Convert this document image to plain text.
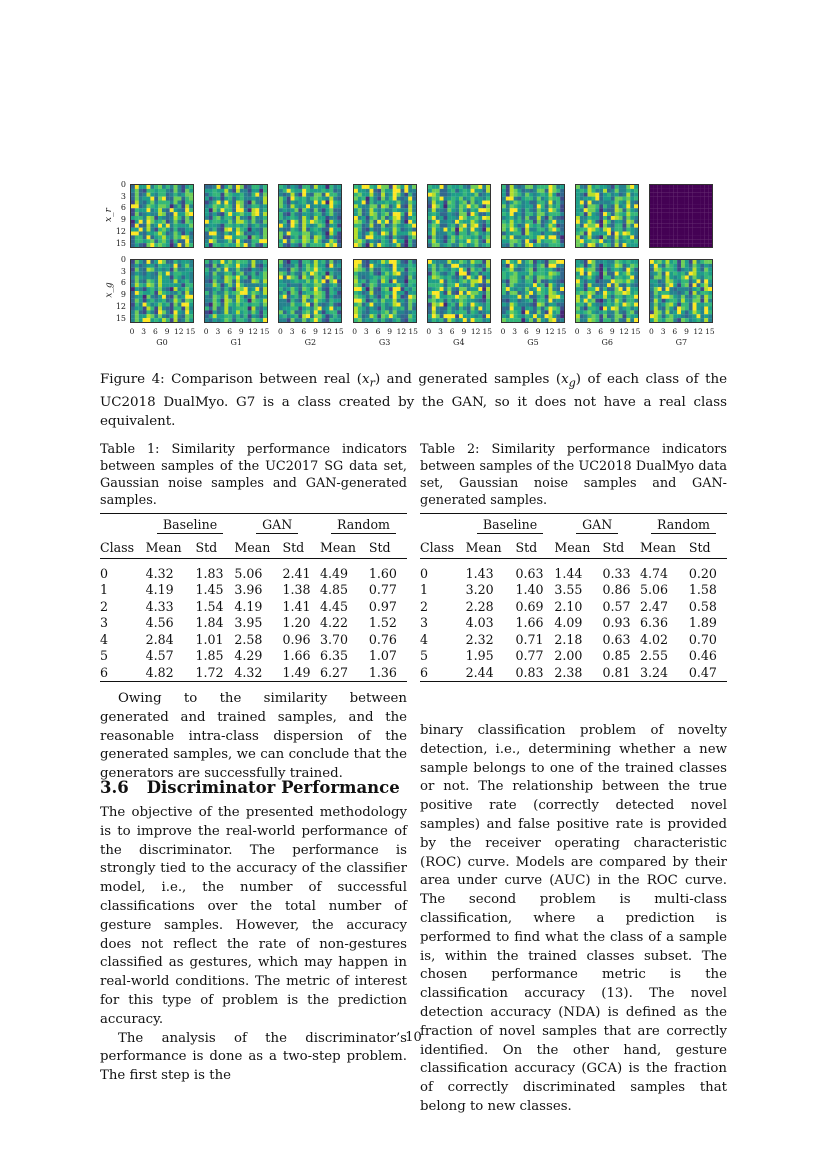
x_r
0
3
6
9
12
15
x_g
0
3
6
9
12
15
0 3 6 9 12 15
G0
0 3 6 9 12 15
G1
0 3 6 9 12 15
G2
0 3 6 9 12 15
G3
0 3 6 9 12 15
G4
0 3 6 9 12 15
G5
0 3 6 9 12 15
G6
0 3 6 9 12 15
G7
Figure 4: Comparison between real $(x_r)$ and generated samples $(x_g)$ of each class of the UC2018 DualMyo. G7 is a class created by the GAN, so it does not have a real class equivalent.

Table 1: Similarity performance indicators between samples of the UC2017 SG data set, Gaussian noise samples and GAN-generated samples.

	Baseline		GAN		Random	
Class	Mean	Std	Mean	Std	Mean	Std

0	4.32	1.83	5.06	2.41	4.49	1.60
1	4.19	1.45	3.96	1.38	4.85	0.77
2	4.33	1.54	4.19	1.41	4.45	0.97
3	4.56	1.84	3.95	1.20	4.22	1.52
4	2.84	1.01	2.58	0.96	3.70	0.76
5	4.57	1.85	4.29	1.66	6.35	1.07
6	4.82	1.72	4.32	1.49	6.27	1.36

Table 2: Similarity performance indicators between samples of the UC2018 DualMyo data set, Gaussian noise samples and GAN-generated samples.

	Baseline		GAN		Random	
Class	Mean	Std	Mean	Std	Mean	Std

0	1.43	0.63	1.44	0.33	4.74	0.20
1	3.20	1.40	3.55	0.86	5.06	1.58
2	2.28	0.69	2.10	0.57	2.47	0.58
3	4.03	1.66	4.09	0.93	6.36	1.89
4	2.32	0.71	2.18	0.63	4.02	0.70
5	1.95	0.77	2.00	0.85	2.55	0.46
6	2.44	0.83	2.38	0.81	3.24	0.47

Owing to the similarity between generated and trained samples, and the reasonable intra-class dispersion of the generated samples, we can conclude that the generators are successfully trained.

3.6 Discriminator Performance

The objective of the presented methodology is to improve the real-world performance of the discriminator. The performance is strongly tied to the accuracy of the classifier model, i.e., the number of successful classifications over the total number of gesture samples. However, the accuracy does not reflect the rate of non-gestures classified as gestures, which may happen in real-world conditions. The metric of interest for this type of problem is the prediction accuracy.

The analysis of the discriminator’s performance is done as a two-step problem. The first step is the

binary classification problem of novelty detection, i.e., determining whether a new sample belongs to one of the trained classes or not. The relationship between the true positive rate (correctly detected novel samples) and false positive rate is provided by the receiver operating characteristic (ROC) curve. Models are compared by their area under curve (AUC) in the ROC curve. The second problem is multi-class classification, where a prediction is performed to find what the class of a sample is, within the trained classes subset. The chosen performance metric is the classification accuracy (13). The novel detection accuracy (NDA) is defined as the fraction of novel samples that are correctly identified. On the other hand, gesture classification accuracy (GCA) is the fraction of correctly discriminated samples that belong to new classes.

10
